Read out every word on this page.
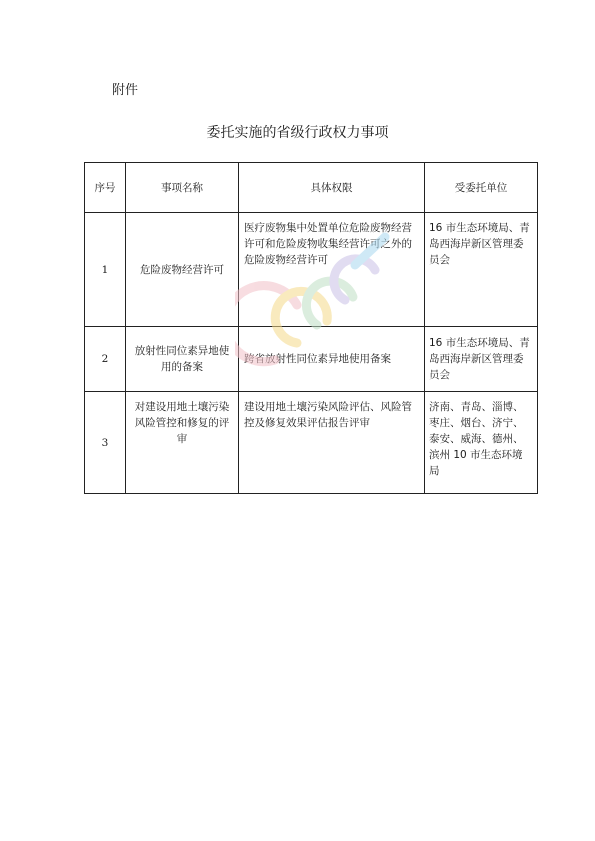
附件
委托实施的省级行政权力事项
序号	事项名称	具体权限	受委托单位
1	危险废物经营许可	医疗废物集中处置单位危险废物经营许可和危险废物收集经营许可之外的危险废物经营许可	16 市生态环境局、青岛西海岸新区管理委员会
2	放射性同位素异地使用的备案	跨省放射性同位素异地使用备案	16 市生态环境局、青岛西海岸新区管理委员会
3	对建设用地土壤污染风险管控和修复的评审	建设用地土壤污染风险评估、风险管控及修复效果评估报告评审	济南、青岛、淄博、枣庄、烟台、济宁、泰安、威海、德州、滨州 10 市生态环境局
